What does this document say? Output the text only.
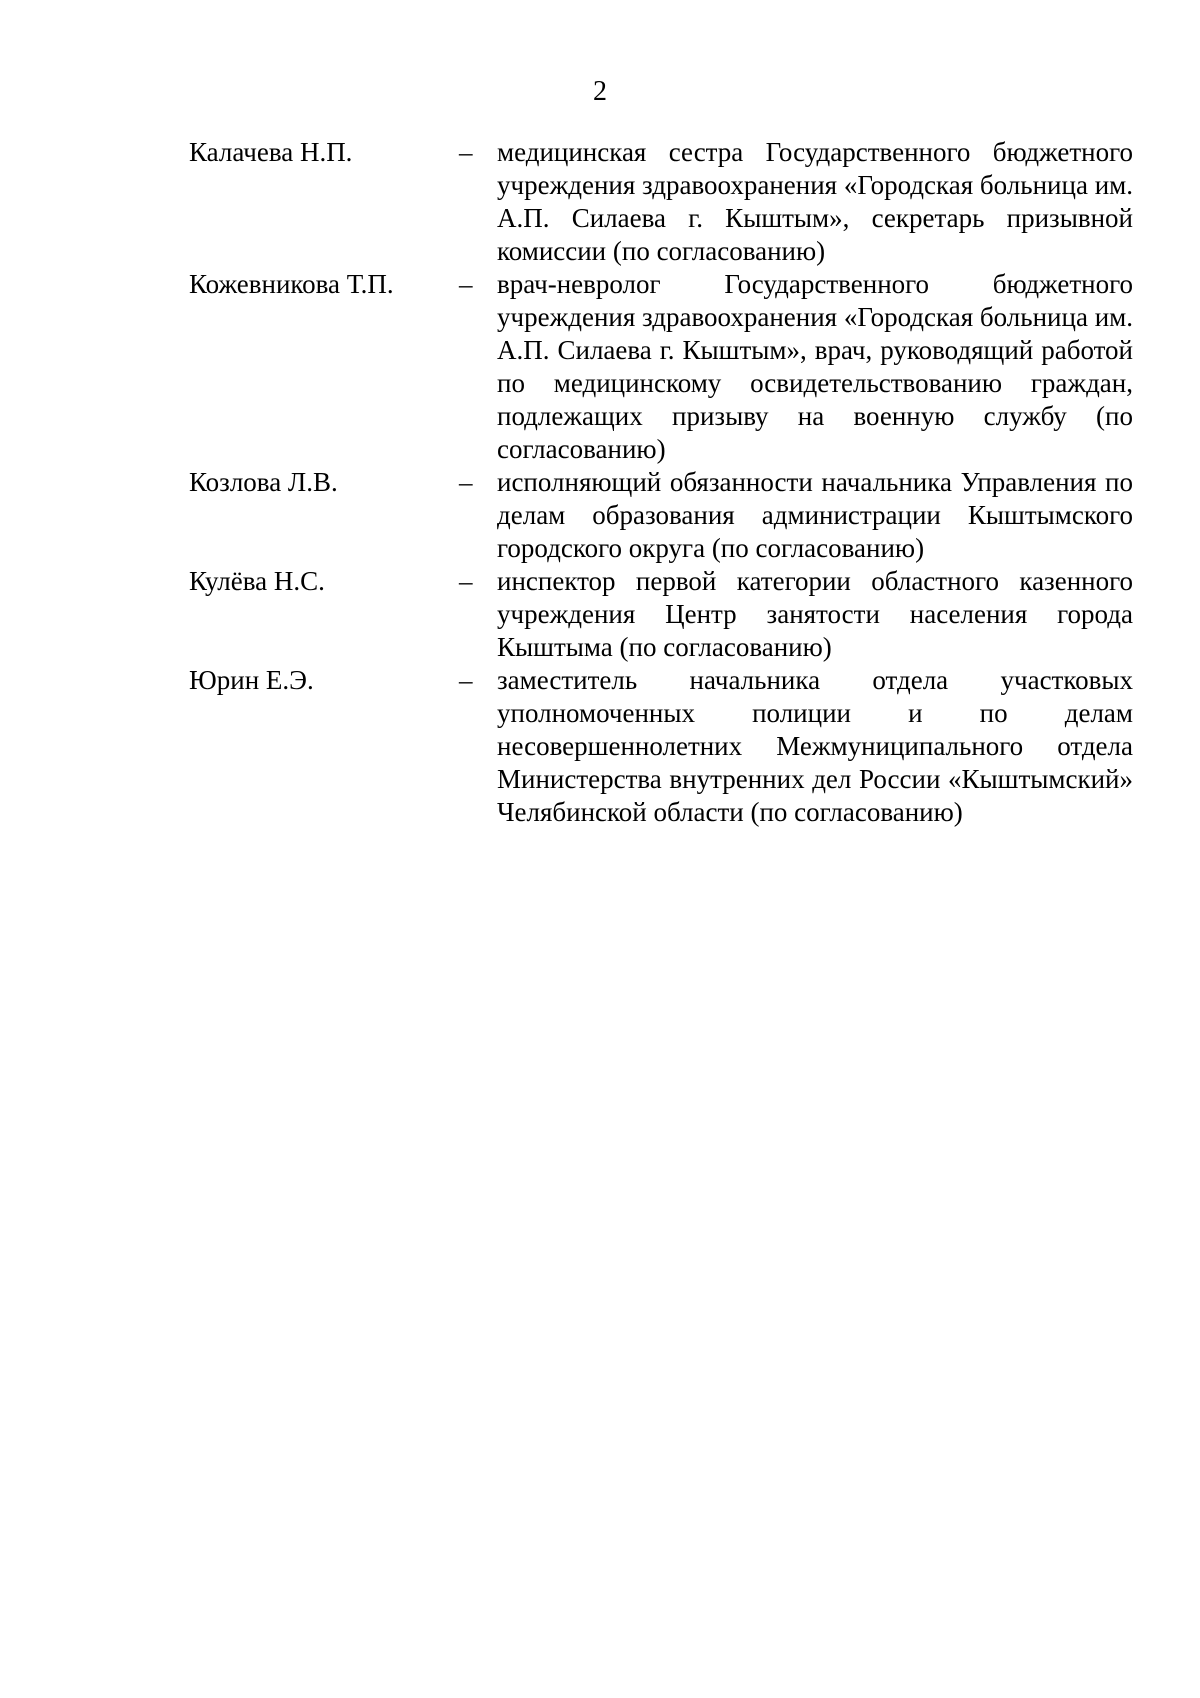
2
Калачева Н.П.	– медицинская сестра Государственного бюджетного учреждения здравоохранения «Городская больница им. А.П. Силаева г. Кыштым», секретарь призывной комиссии (по согласованию)
Кожевникова Т.П. – врач-невролог Государственного бюджетного учреждения здравоохранения «Городская больница им. А.П. Силаева г. Кыштым», врач, руководящий работой по медицинскому освидетельствованию граждан, подлежащих призыву на военную службу (по согласованию)
Козлова Л.В.	– исполняющий обязанности начальника Управления по делам образования администрации Кыштымского городского округа (по согласованию)
Кулёва Н.С.	– инспектор первой категории областного казенного учреждения Центр занятости населения города Кыштыма (по согласованию)
Юрин Е.Э.	– заместитель начальника отдела участковых уполномоченных полиции и по делам несовершеннолетних Межмуниципального отдела Министерства внутренних дел России «Кыштымский» Челябинской области (по согласованию)
